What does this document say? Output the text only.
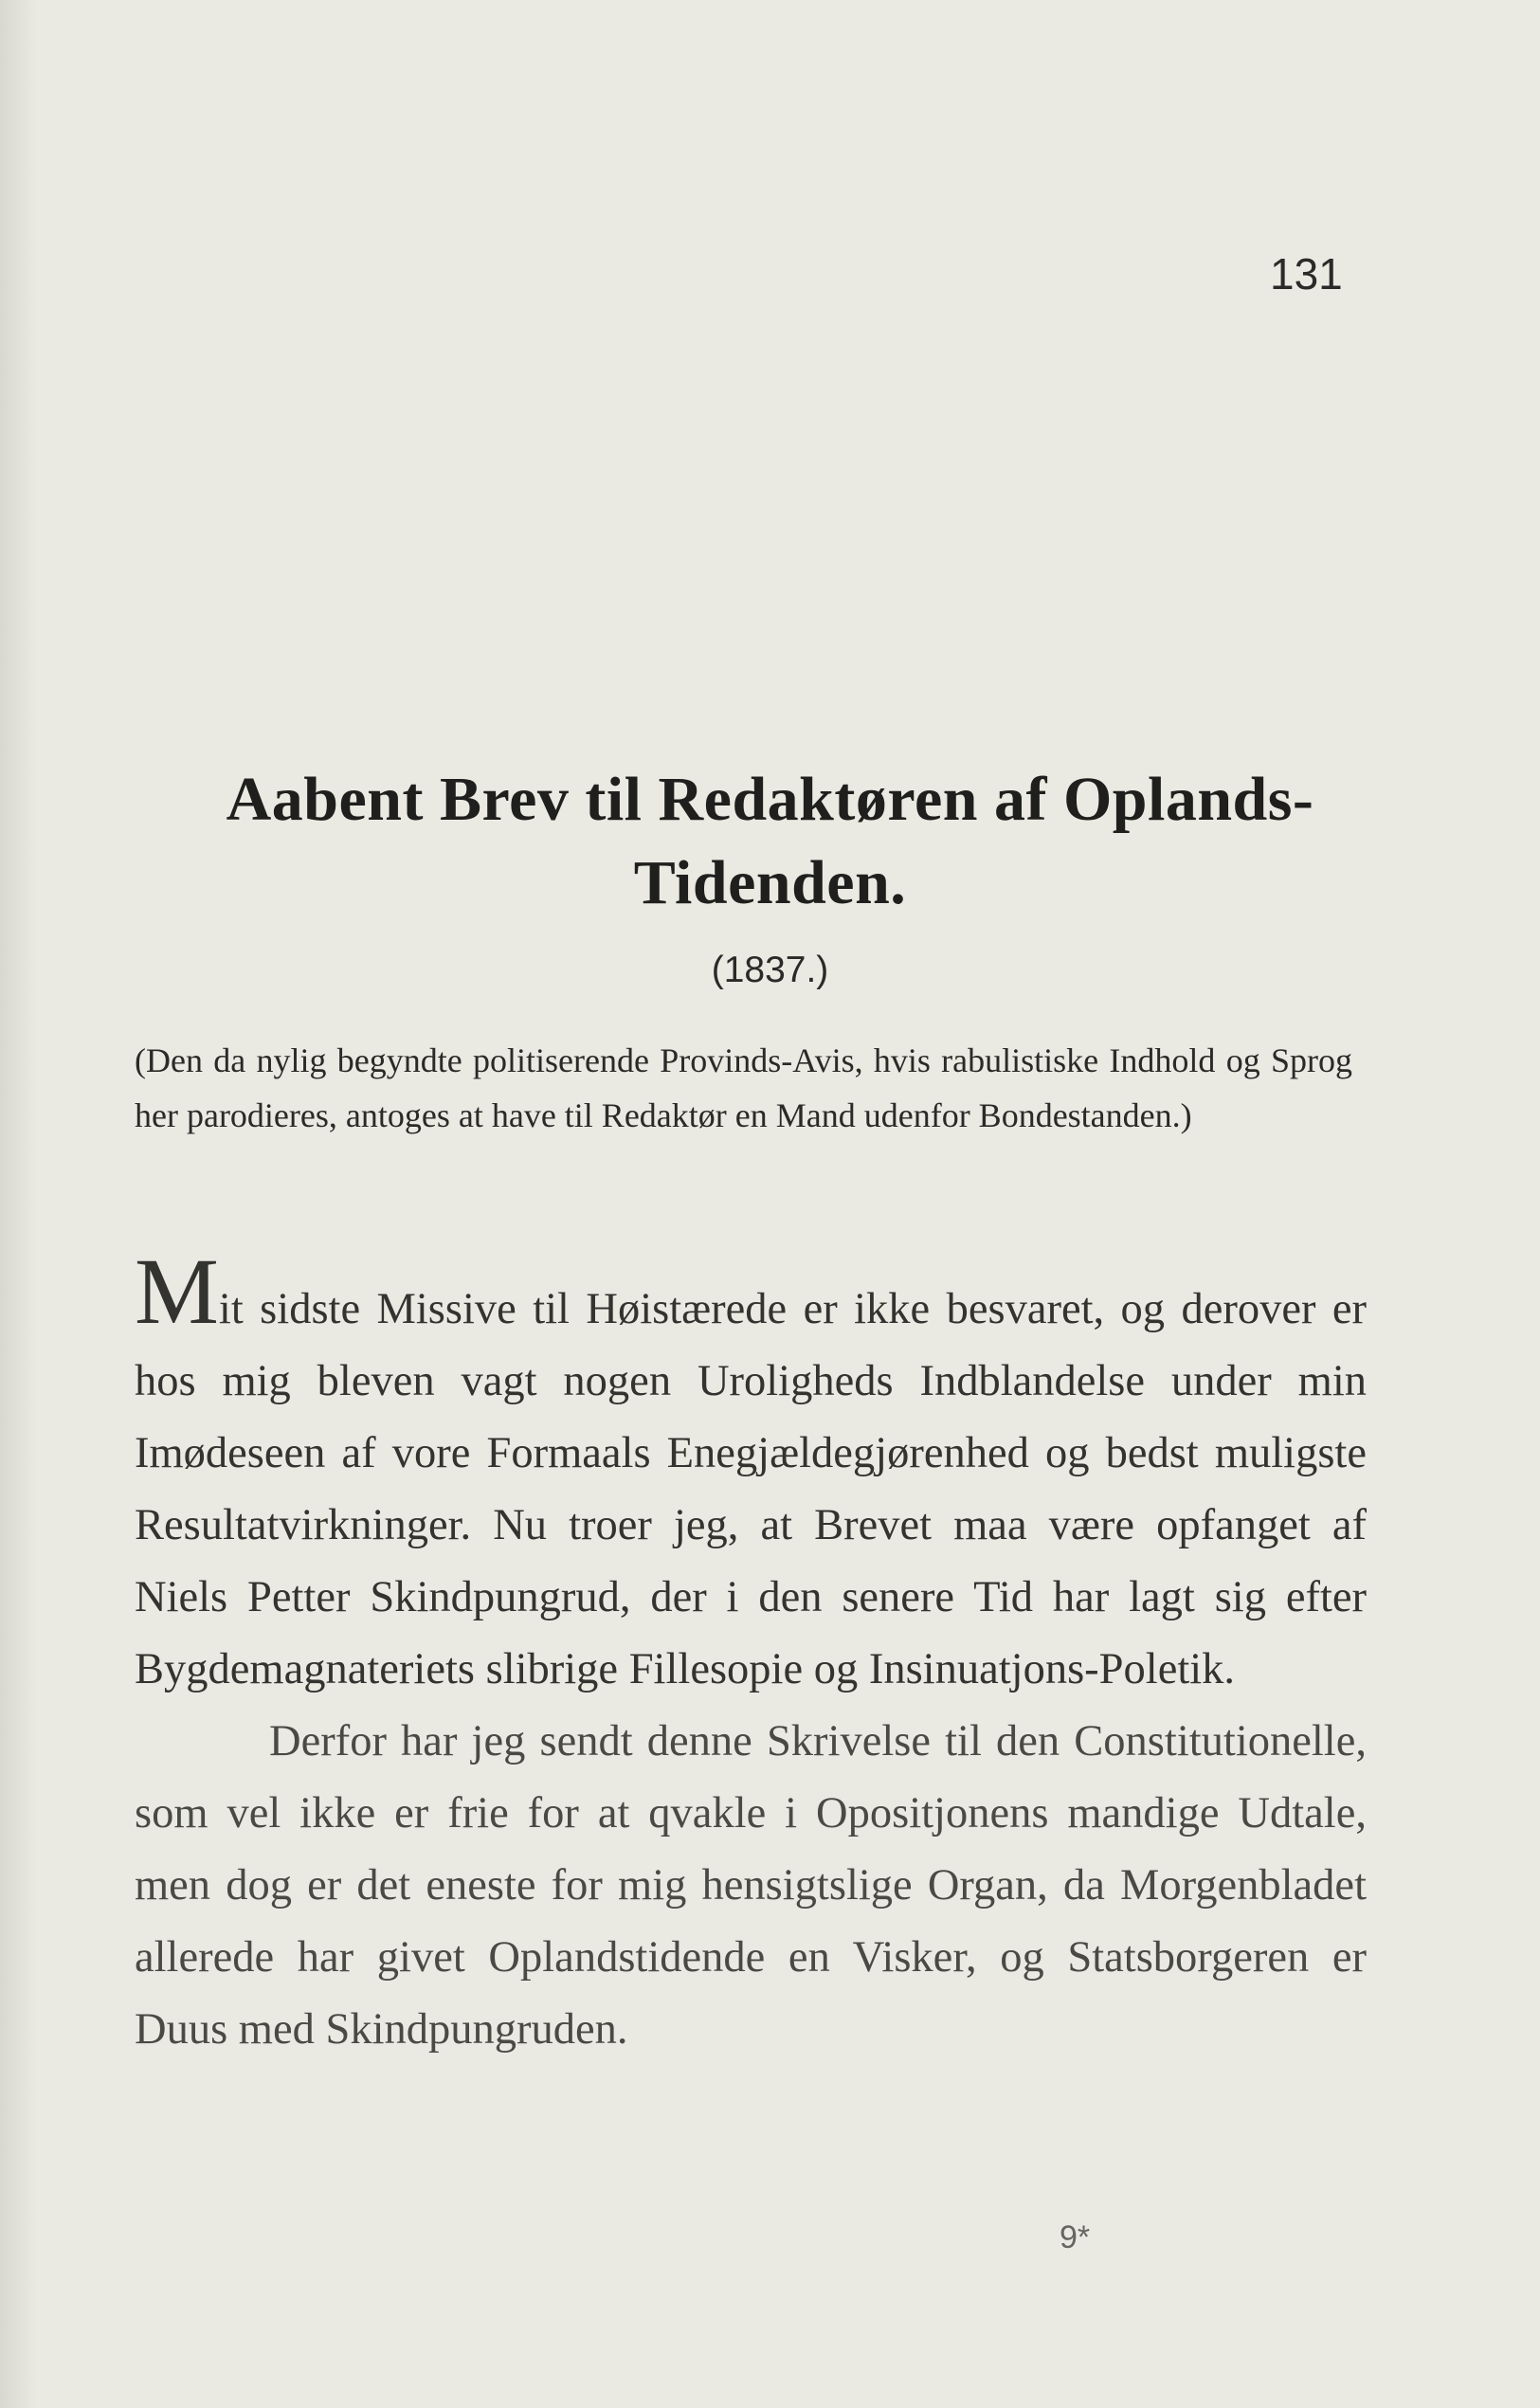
131
Aabent Brev til Redaktøren af Oplands-Tidenden.
(1837.)
(Den da nylig begyndte politiserende Provinds-Avis, hvis rabulistiske Indhold og Sprog her parodieres, antoges at have til Redaktør en Mand udenfor Bondestanden.)

Mit sidste Missive til Høistærede er ikke besvaret, og derover er hos mig bleven vagt nogen Uroligheds Indblandelse under min Imødeseen af vore Formaals Enegjældegjørenhed og bedst muligste Resultatvirkninger. Nu troer jeg, at Brevet maa være opfanget af Niels Petter Skindpungrud, der i den senere Tid har lagt sig efter Bygdemagnateriets slibrige Fillesopie og Insinuatjons-Poletik.

Derfor har jeg sendt denne Skrivelse til den Constitutionelle, som vel ikke er frie for at qvakle i Opositjonens mandige Udtale, men dog er det eneste for mig hensigtslige Organ, da Morgenbladet allerede har givet Oplandstidende en Visker, og Statsborgeren er Duus med Skindpungruden.

9*
